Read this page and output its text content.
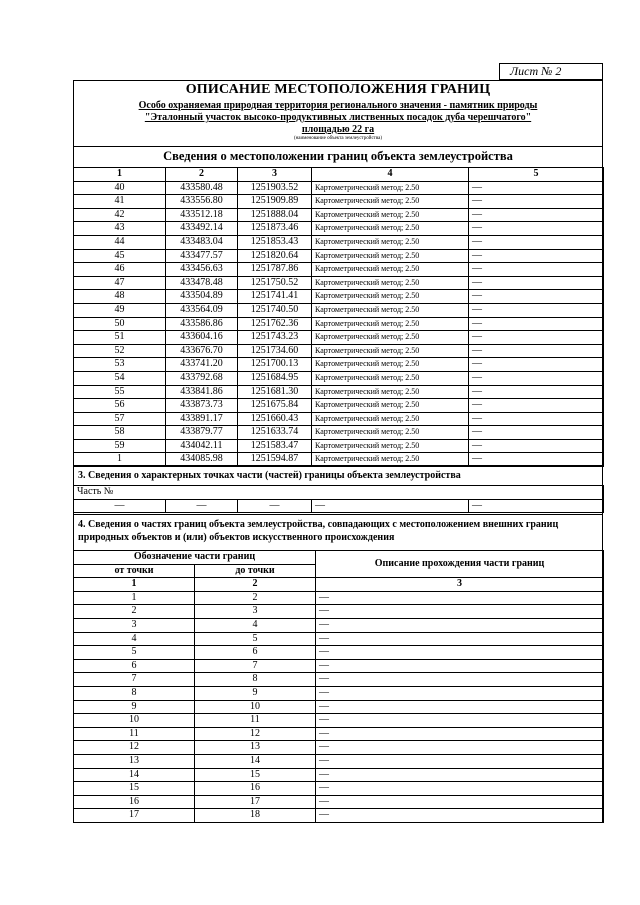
Лист № 2
ОПИСАНИЕ МЕСТОПОЛОЖЕНИЯ ГРАНИЦ
Особо охраняемая природная территория регионального значения - памятник природы
"Эталонный участок высоко-продуктивных лиственных посадок дуба черешчатого"
площадью 22 га
(наименование объекта землеустройства)
Сведения о местоположении границ объекта землеустройства
1	2	3	4	5
40	433580.48	1251903.52	Картометрический метод; 2.50	—
41	433556.80	1251909.89	Картометрический метод; 2.50	—
42	433512.18	1251888.04	Картометрический метод; 2.50	—
43	433492.14	1251873.46	Картометрический метод; 2.50	—
44	433483.04	1251853.43	Картометрический метод; 2.50	—
45	433477.57	1251820.64	Картометрический метод; 2.50	—
46	433456.63	1251787.86	Картометрический метод; 2.50	—
47	433478.48	1251750.52	Картометрический метод; 2.50	—
48	433504.89	1251741.41	Картометрический метод; 2.50	—
49	433564.09	1251740.50	Картометрический метод; 2.50	—
50	433586.86	1251762.36	Картометрический метод; 2.50	—
51	433604.16	1251743.23	Картометрический метод; 2.50	—
52	433676.70	1251734.60	Картометрический метод; 2.50	—
53	433741.20	1251700.13	Картометрический метод; 2.50	—
54	433792.68	1251684.95	Картометрический метод; 2.50	—
55	433841.86	1251681.30	Картометрический метод; 2.50	—
56	433873.73	1251675.84	Картометрический метод; 2.50	—
57	433891.17	1251660.43	Картометрический метод; 2.50	—
58	433879.77	1251633.74	Картометрический метод; 2.50	—
59	434042.11	1251583.47	Картометрический метод; 2.50	—
1	434085.98	1251594.87	Картометрический метод; 2.50	—
3. Сведения о характерных точках части (частей) границы объекта землеустройства
Часть №
—	—	—	—	—
4. Сведения о частях границ объекта землеустройства, совпадающих с местоположением внешних границ природных объектов и (или) объектов искусственного происхождения
Обозначение части границ		Описание прохождения части границ
от точки	до точки	
1	2	3
1	2	—
2	3	—
3	4	—
4	5	—
5	6	—
6	7	—
7	8	—
8	9	—
9	10	—
10	11	—
11	12	—
12	13	—
13	14	—
14	15	—
15	16	—
16	17	—
17	18	—
